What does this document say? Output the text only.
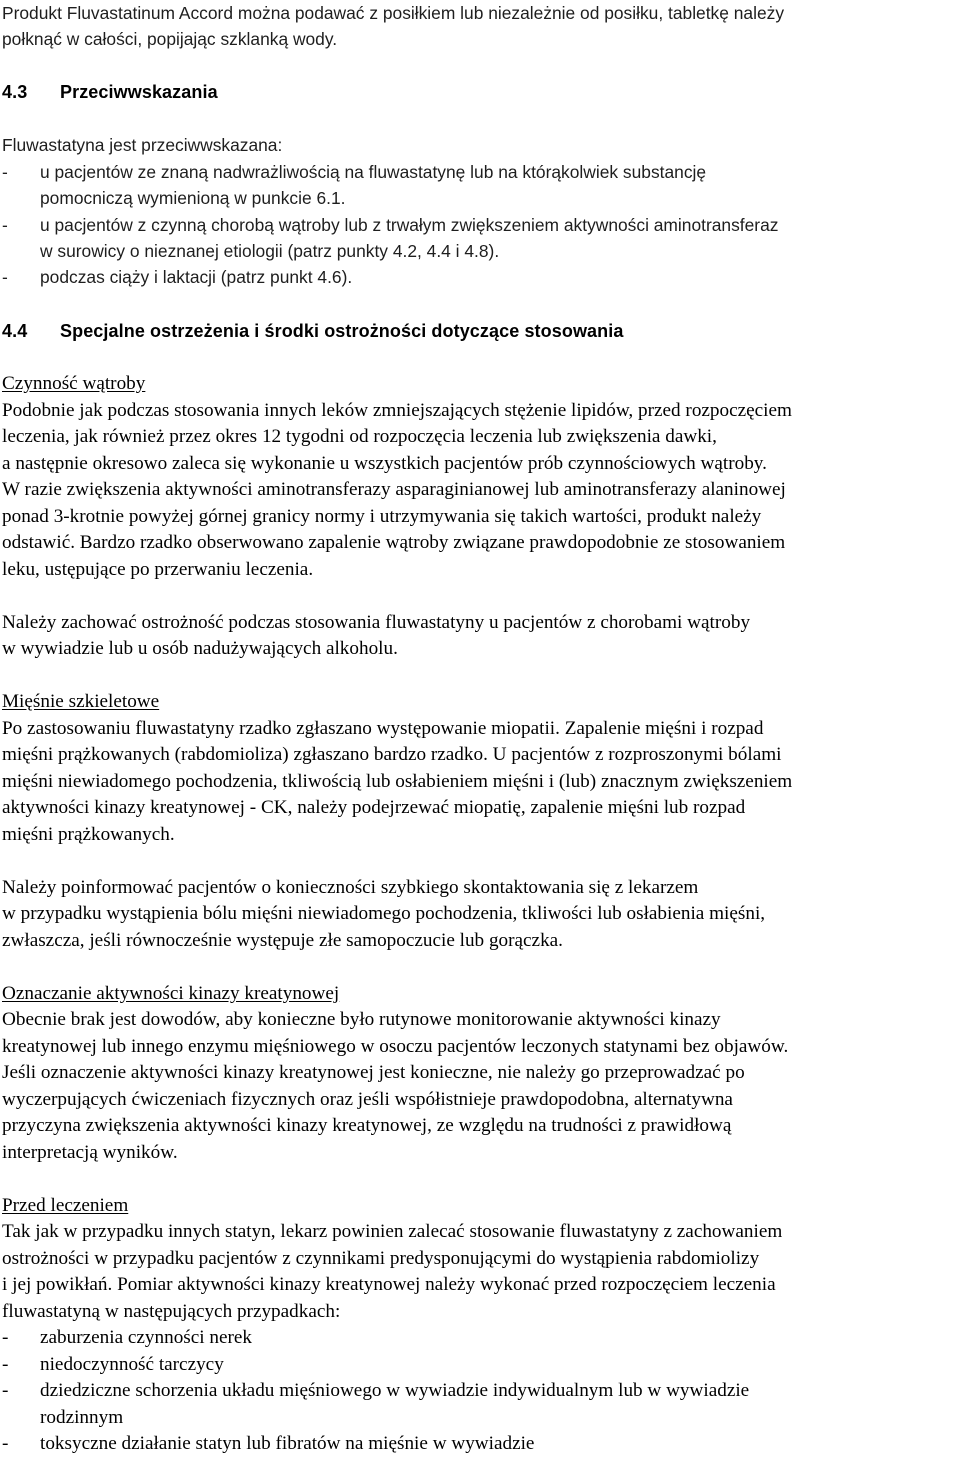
Produkt Fluvastatinum Accord można podawać z posiłkiem lub niezależnie od posiłku, tabletkę należy

połknąć w całości, popijając szklanką wody.

4.3 Przeciwwskazania

Fluwastatyna jest przeciwwskazana:

- u pacjentów ze znaną nadwrażliwością na fluwastatynę lub na którąkolwiek substancję

pomocniczą wymienioną w punkcie 6.1.

- u pacjentów z czynną chorobą wątroby lub z trwałym zwiększeniem aktywności aminotransferaz

w surowicy o nieznanej etiologii (patrz punkty 4.2, 4.4 i 4.8).

- podczas ciąży i laktacji (patrz punkt 4.6).

4.4 Specjalne ostrzeżenia i środki ostrożności dotyczące stosowania

Czynność wątroby

Podobnie jak podczas stosowania innych leków zmniejszających stężenie lipidów, przed rozpoczęciem

leczenia, jak również przez okres 12 tygodni od rozpoczęcia leczenia lub zwiększenia dawki,

a następnie okresowo zaleca się wykonanie u wszystkich pacjentów prób czynnościowych wątroby.

W razie zwiększenia aktywności aminotransferazy asparaginianowej lub aminotransferazy alaninowej

ponad 3-krotnie powyżej górnej granicy normy i utrzymywania się takich wartości, produkt należy

odstawić. Bardzo rzadko obserwowano zapalenie wątroby związane prawdopodobnie ze stosowaniem

leku, ustępujące po przerwaniu leczenia.

Należy zachować ostrożność podczas stosowania fluwastatyny u pacjentów z chorobami wątroby

w wywiadzie lub u osób nadużywających alkoholu.

Mięśnie szkieletowe

Po zastosowaniu fluwastatyny rzadko zgłaszano występowanie miopatii. Zapalenie mięśni i rozpad

mięśni prążkowanych (rabdomioliza) zgłaszano bardzo rzadko. U pacjentów z rozproszonymi bólami

mięśni niewiadomego pochodzenia, tkliwością lub osłabieniem mięśni i (lub) znacznym zwiększeniem

aktywności kinazy kreatynowej - CK, należy podejrzewać miopatię, zapalenie mięśni lub rozpad

mięśni prążkowanych.

Należy poinformować pacjentów o konieczności szybkiego skontaktowania się z lekarzem

w przypadku wystąpienia bólu mięśni niewiadomego pochodzenia, tkliwości lub osłabienia mięśni,

zwłaszcza, jeśli równocześnie występuje złe samopoczucie lub gorączka.

Oznaczanie aktywności kinazy kreatynowej

Obecnie brak jest dowodów, aby konieczne było rutynowe monitorowanie aktywności kinazy

kreatynowej lub innego enzymu mięśniowego w osoczu pacjentów leczonych statynami bez objawów.

Jeśli oznaczenie aktywności kinazy kreatynowej jest konieczne, nie należy go przeprowadzać po

wyczerpujących ćwiczeniach fizycznych oraz jeśli współistnieje prawdopodobna, alternatywna

przyczyna zwiększenia aktywności kinazy kreatynowej, ze względu na trudności z prawidłową

interpretacją wyników.

Przed leczeniem

Tak jak w przypadku innych statyn, lekarz powinien zalecać stosowanie fluwastatyny z zachowaniem

ostrożności w przypadku pacjentów z czynnikami predysponującymi do wystąpienia rabdomiolizy

i jej powikłań. Pomiar aktywności kinazy kreatynowej należy wykonać przed rozpoczęciem leczenia

fluwastatyną w następujących przypadkach:

- zaburzenia czynności nerek

- niedoczynność tarczycy

- dziedziczne schorzenia układu mięśniowego w wywiadzie indywidualnym lub w wywiadzie

rodzinnym

- toksyczne działanie statyn lub fibratów na mięśnie w wywiadzie
